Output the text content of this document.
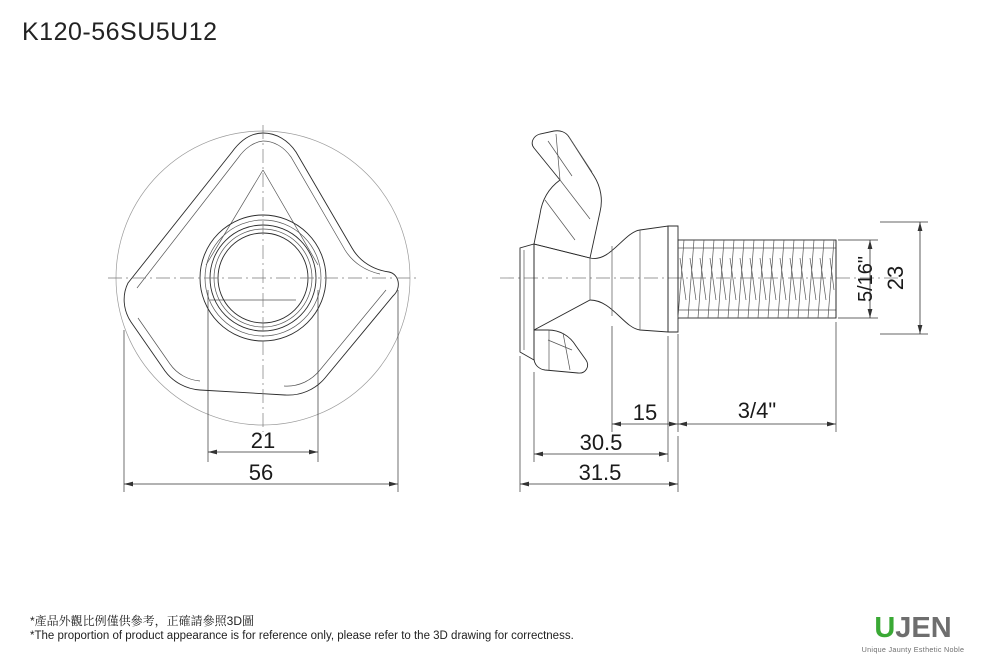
K120-56SU5U12
21
56
15	3/4"
30.5
31.5
5/16" 23
*產品外觀比例僅供參考，正確請參照3D圖
*The proportion of product appearance is for reference only, please refer to the 3D drawing for correctness.	UJEN
Unique Jaunty Esthetic Noble
